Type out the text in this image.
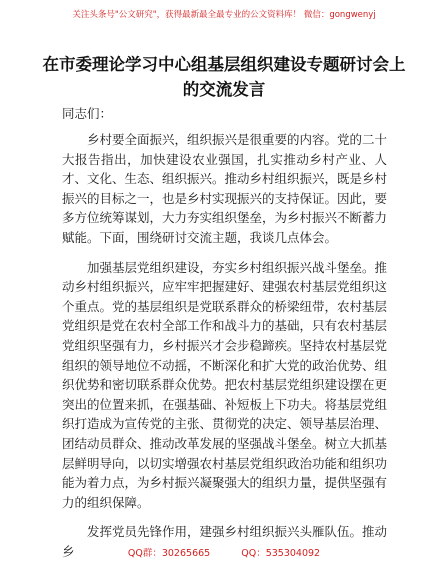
关注头条号"公文研究"，获得最新最全最专业的公文资料库！ 微信：gongwenyj
在市委理论学习中心组基层组织建设专题研讨会上的交流发言
同志们：

乡村要全面振兴，组织振兴是很重要的内容。党的二十大报告指出，加快建设农业强国，扎实推动乡村产业、人才、文化、生态、组织振兴。推动乡村组织振兴，既是乡村振兴的目标之一，也是乡村实现振兴的支持保证。因此，要多方位统筹谋划，大力夯实组织堡垒，为乡村振兴不断蓄力赋能。下面，围绕研讨交流主题，我谈几点体会。

加强基层党组织建设，夯实乡村组织振兴战斗堡垒。推动乡村组织振兴，应牢牢把握建好、建强农村基层党组织这个重点。党的基层组织是党联系群众的桥梁纽带，农村基层党组织是党在农村全部工作和战斗力的基础，只有农村基层党组织坚强有力，乡村振兴才会步稳蹄疾。坚持农村基层党组织的领导地位不动摇，不断深化和扩大党的政治优势、组织优势和密切联系群众优势。把农村基层党组织建设摆在更突出的位置来抓，在强基础、补短板上下功夫。将基层党组织打造成为宣传党的主张、贯彻党的决定、领导基层治理、团结动员群众、推动改革发展的坚强战斗堡垒。树立大抓基层鲜明导向，以切实增强农村基层党组织政治功能和组织功能为着力点，为乡村振兴凝聚强大的组织力量，提供坚强有力的组织保障。

发挥党员先锋作用，建强乡村组织振兴头雁队伍。推动乡	QQ群：30265665	QQ：535304092
